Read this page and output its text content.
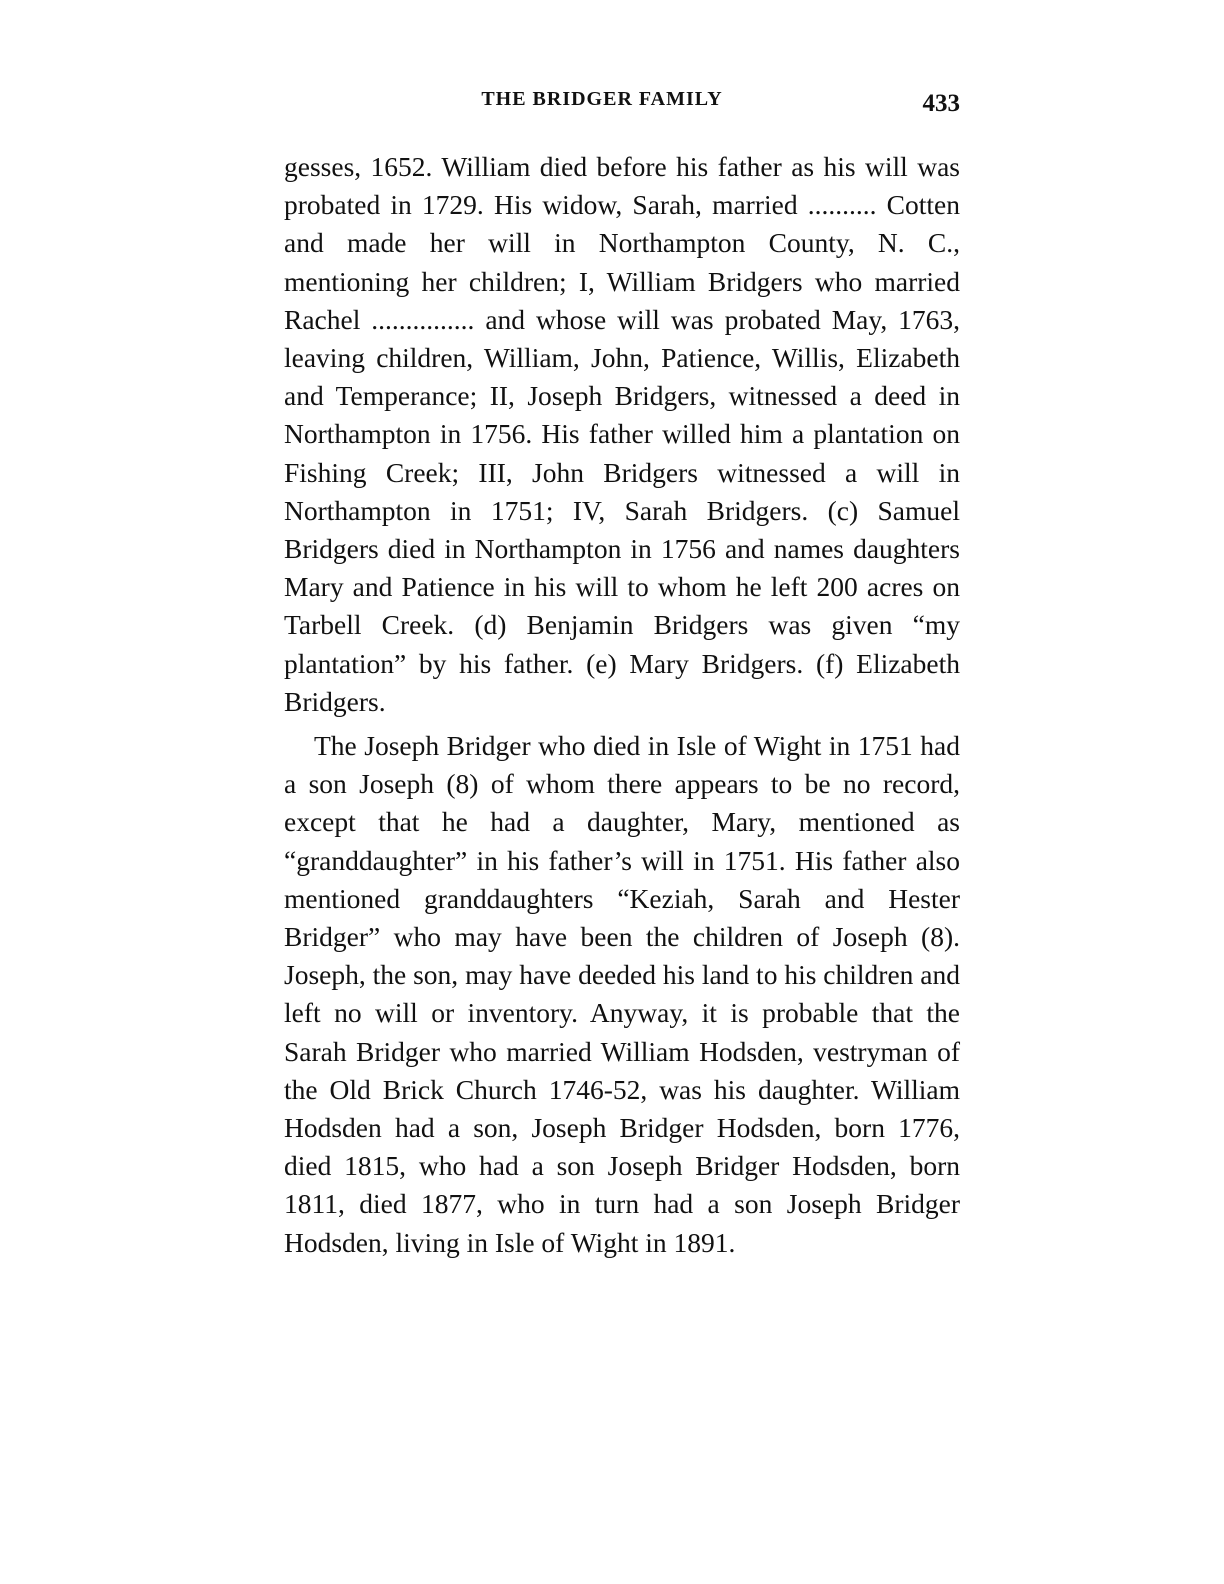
THE BRIDGER FAMILY	433

gesses, 1652. William died before his father as his will was probated in 1729. His widow, Sarah, married .......... Cotten and made her will in Northampton County, N. C., mentioning her children; I, William Bridgers who married Rachel ............... and whose will was probated May, 1763, leaving children, William, John, Patience, Willis, Elizabeth and Temperance; II, Joseph Bridgers, witnessed a deed in Northampton in 1756. His father willed him a plantation on Fishing Creek; III, John Bridgers witnessed a will in Northampton in 1751; IV, Sarah Bridgers. (c) Samuel Bridgers died in Northampton in 1756 and names daughters Mary and Patience in his will to whom he left 200 acres on Tarbell Creek. (d) Benjamin Bridgers was given “my plantation” by his father. (e) Mary Bridgers. (f) Elizabeth Bridgers.

The Joseph Bridger who died in Isle of Wight in 1751 had a son Joseph (8) of whom there appears to be no record, except that he had a daughter, Mary, mentioned as “granddaughter” in his father’s will in 1751. His father also mentioned granddaughters “Keziah, Sarah and Hester Bridger” who may have been the children of Joseph (8). Joseph, the son, may have deeded his land to his children and left no will or inventory. Anyway, it is probable that the Sarah Bridger who married William Hodsden, vestryman of the Old Brick Church 1746-52, was his daughter. William Hodsden had a son, Joseph Bridger Hodsden, born 1776, died 1815, who had a son Joseph Bridger Hodsden, born 1811, died 1877, who in turn had a son Joseph Bridger Hodsden, living in Isle of Wight in 1891.
